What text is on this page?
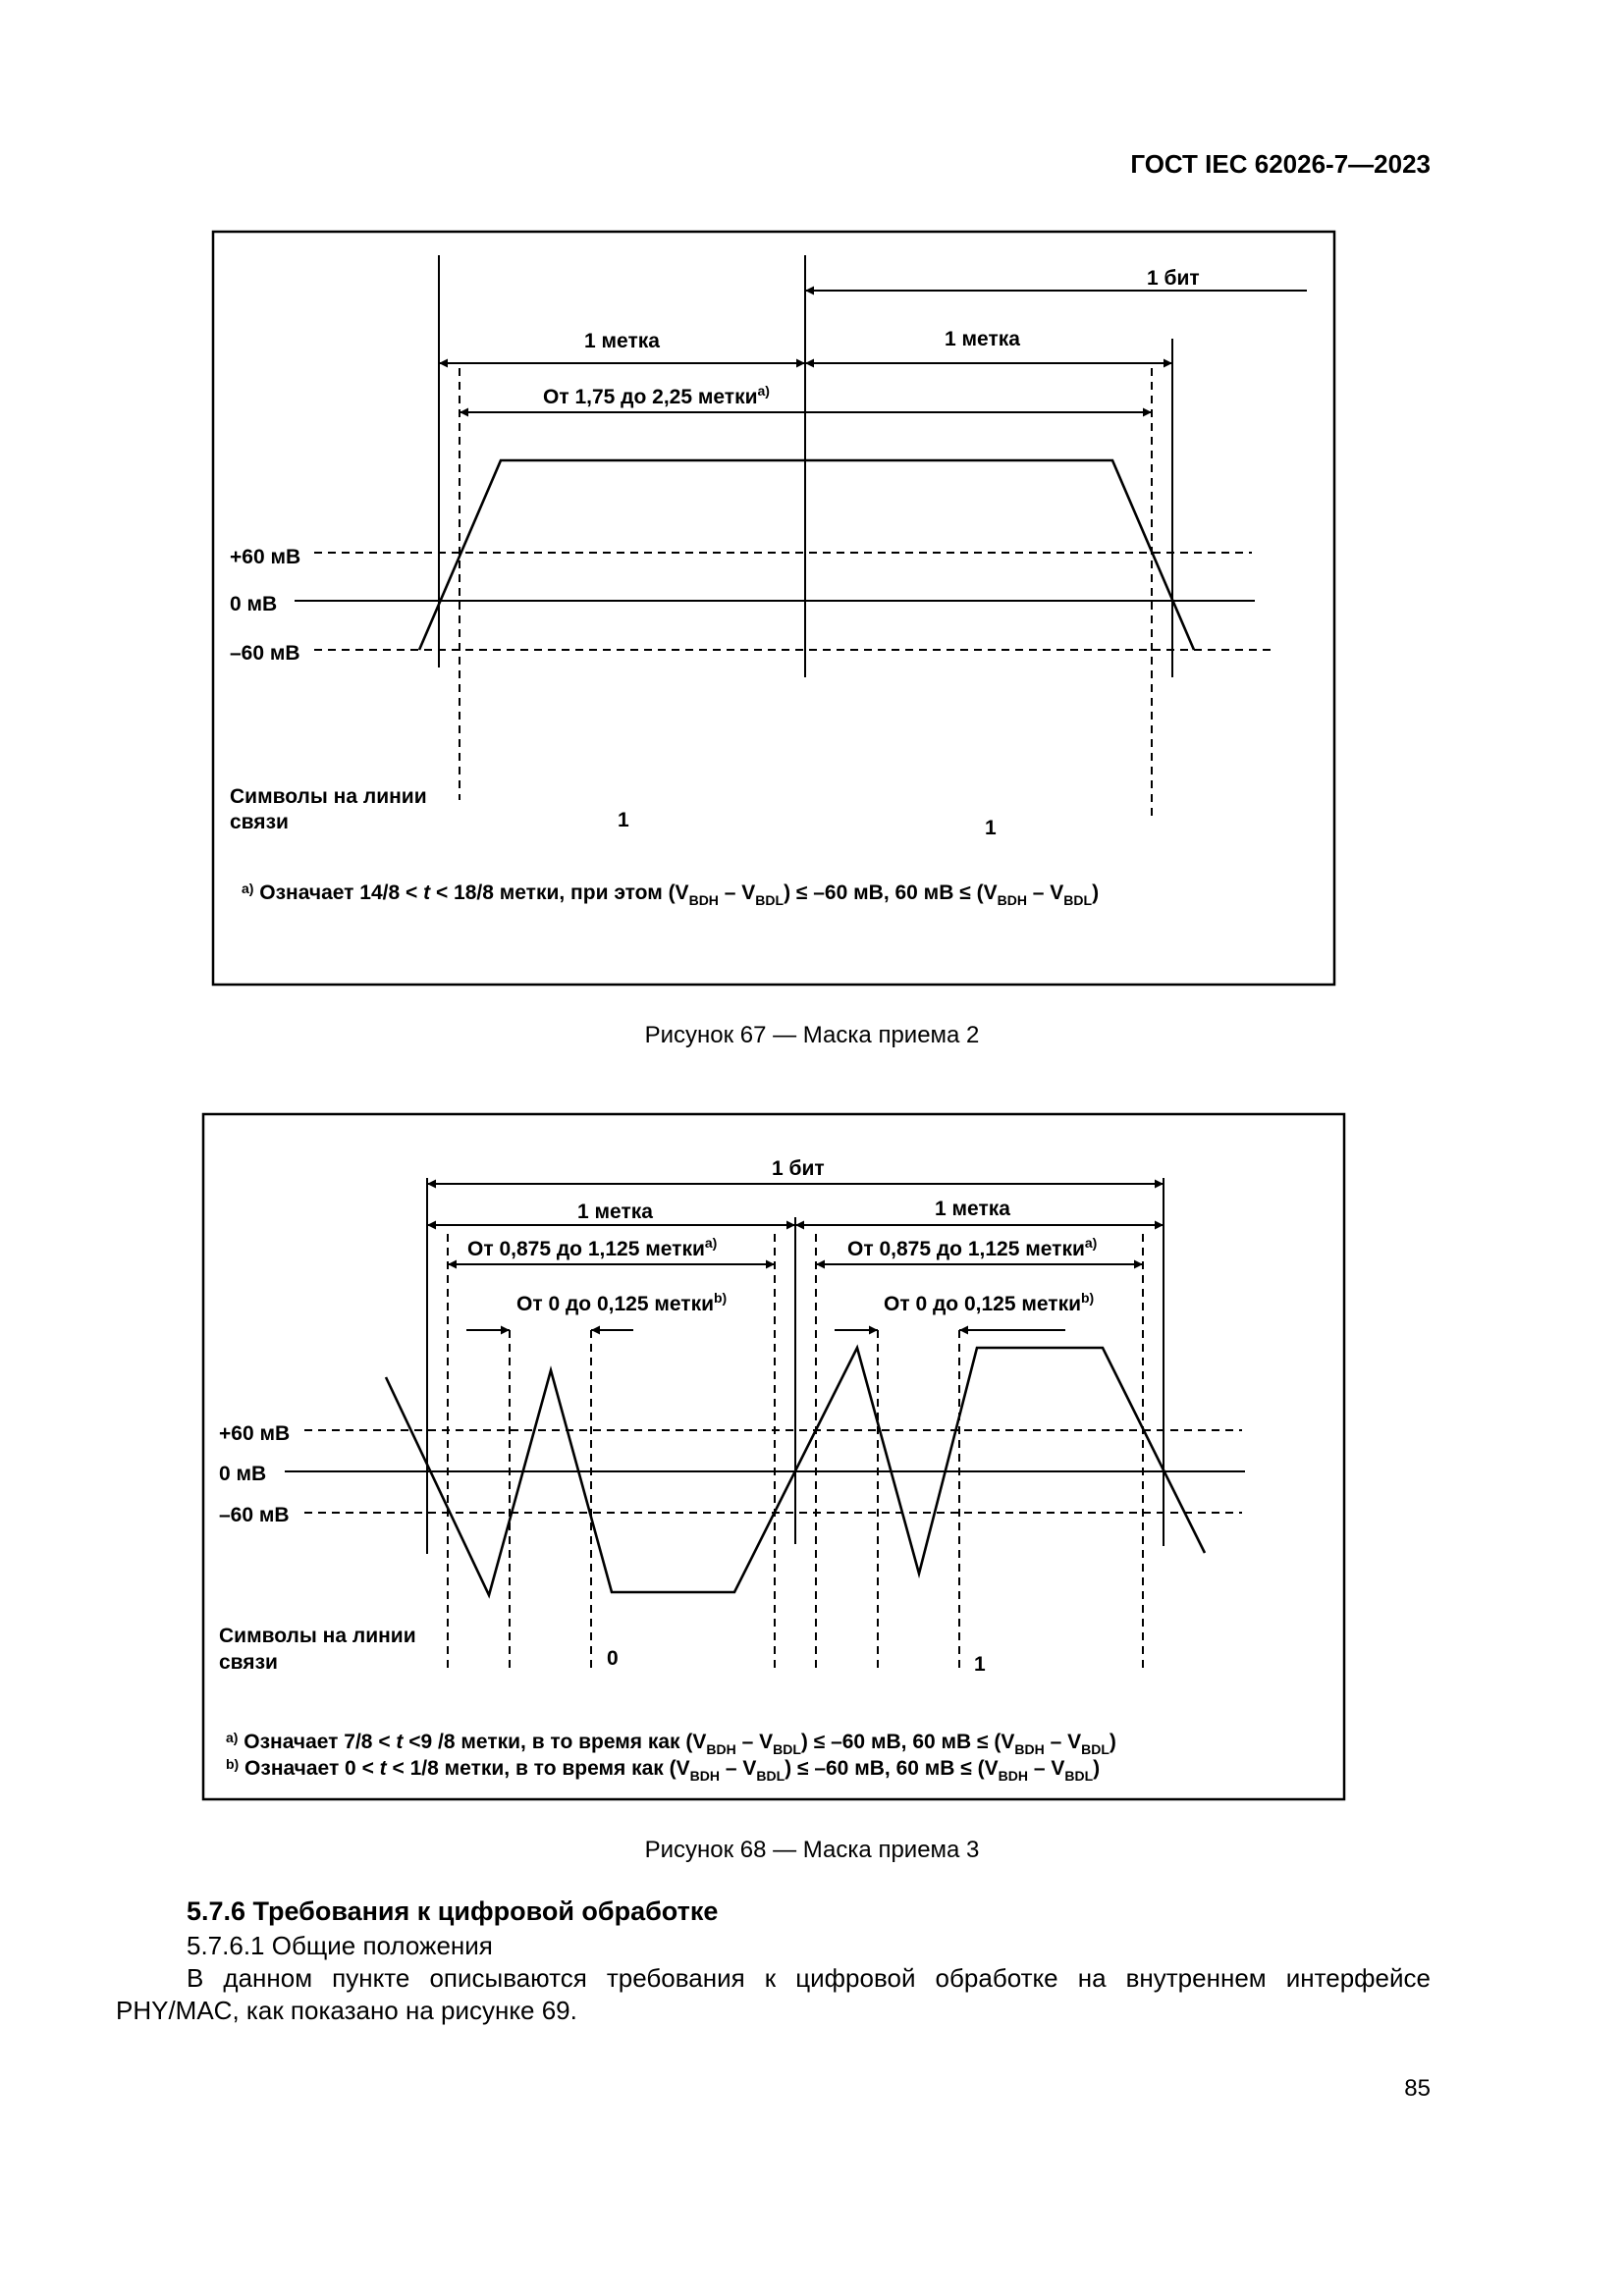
ГОСТ IEC 62026-7—2023
1 бит
1 метка	1 метка
От 1,75 до 2,25 метки$^{a)}$
+60 мВ
0 мВ
–60 мВ
Символы на линии
связи	1	1
$^{a)}$ Означает 14/8 < t < 18/8 метки, при этом $(V_{BDH} - V_{BDL}) \le -60$ мВ, 60 мВ ≤ $(V_{BDH} - V_{BDL})$
1 бит
1 метка	1 метка
От 0,875 до 1,125 метки$^{a)}$	От 0,875 до 1,125 метки$^{a)}$
От 0 до 0,125 метки$^{b)}$	От 0 до 0,125 метки$^{b)}$
+60 мВ
0 мВ
–60 мВ
Символы на линии
связи	0	1
$^{a)}$ Означает 7/8 < t <9 /8 метки, в то время как $(V_{BDH} - V_{BDL}) \le -60$ мВ, 60 мВ ≤ $(V_{BDH} - V_{BDL})$
$^{b)}$ Означает 0 < t < 1/8 метки, в то время как $(V_{BDH} - V_{BDL}) \le -60$ мВ, 60 мВ ≤ $(V_{BDH} - V_{BDL})$
Рисунок 67 — Маска приема 2
Рисунок 68 — Маска приема 3
5.7.6 Требования к цифровой обработке
5.7.6.1 Общие положения
В данном пункте описываются требования к цифровой обработке на внутреннем интерфейсе PHY/MAC, как показано на рисунке 69.
85
